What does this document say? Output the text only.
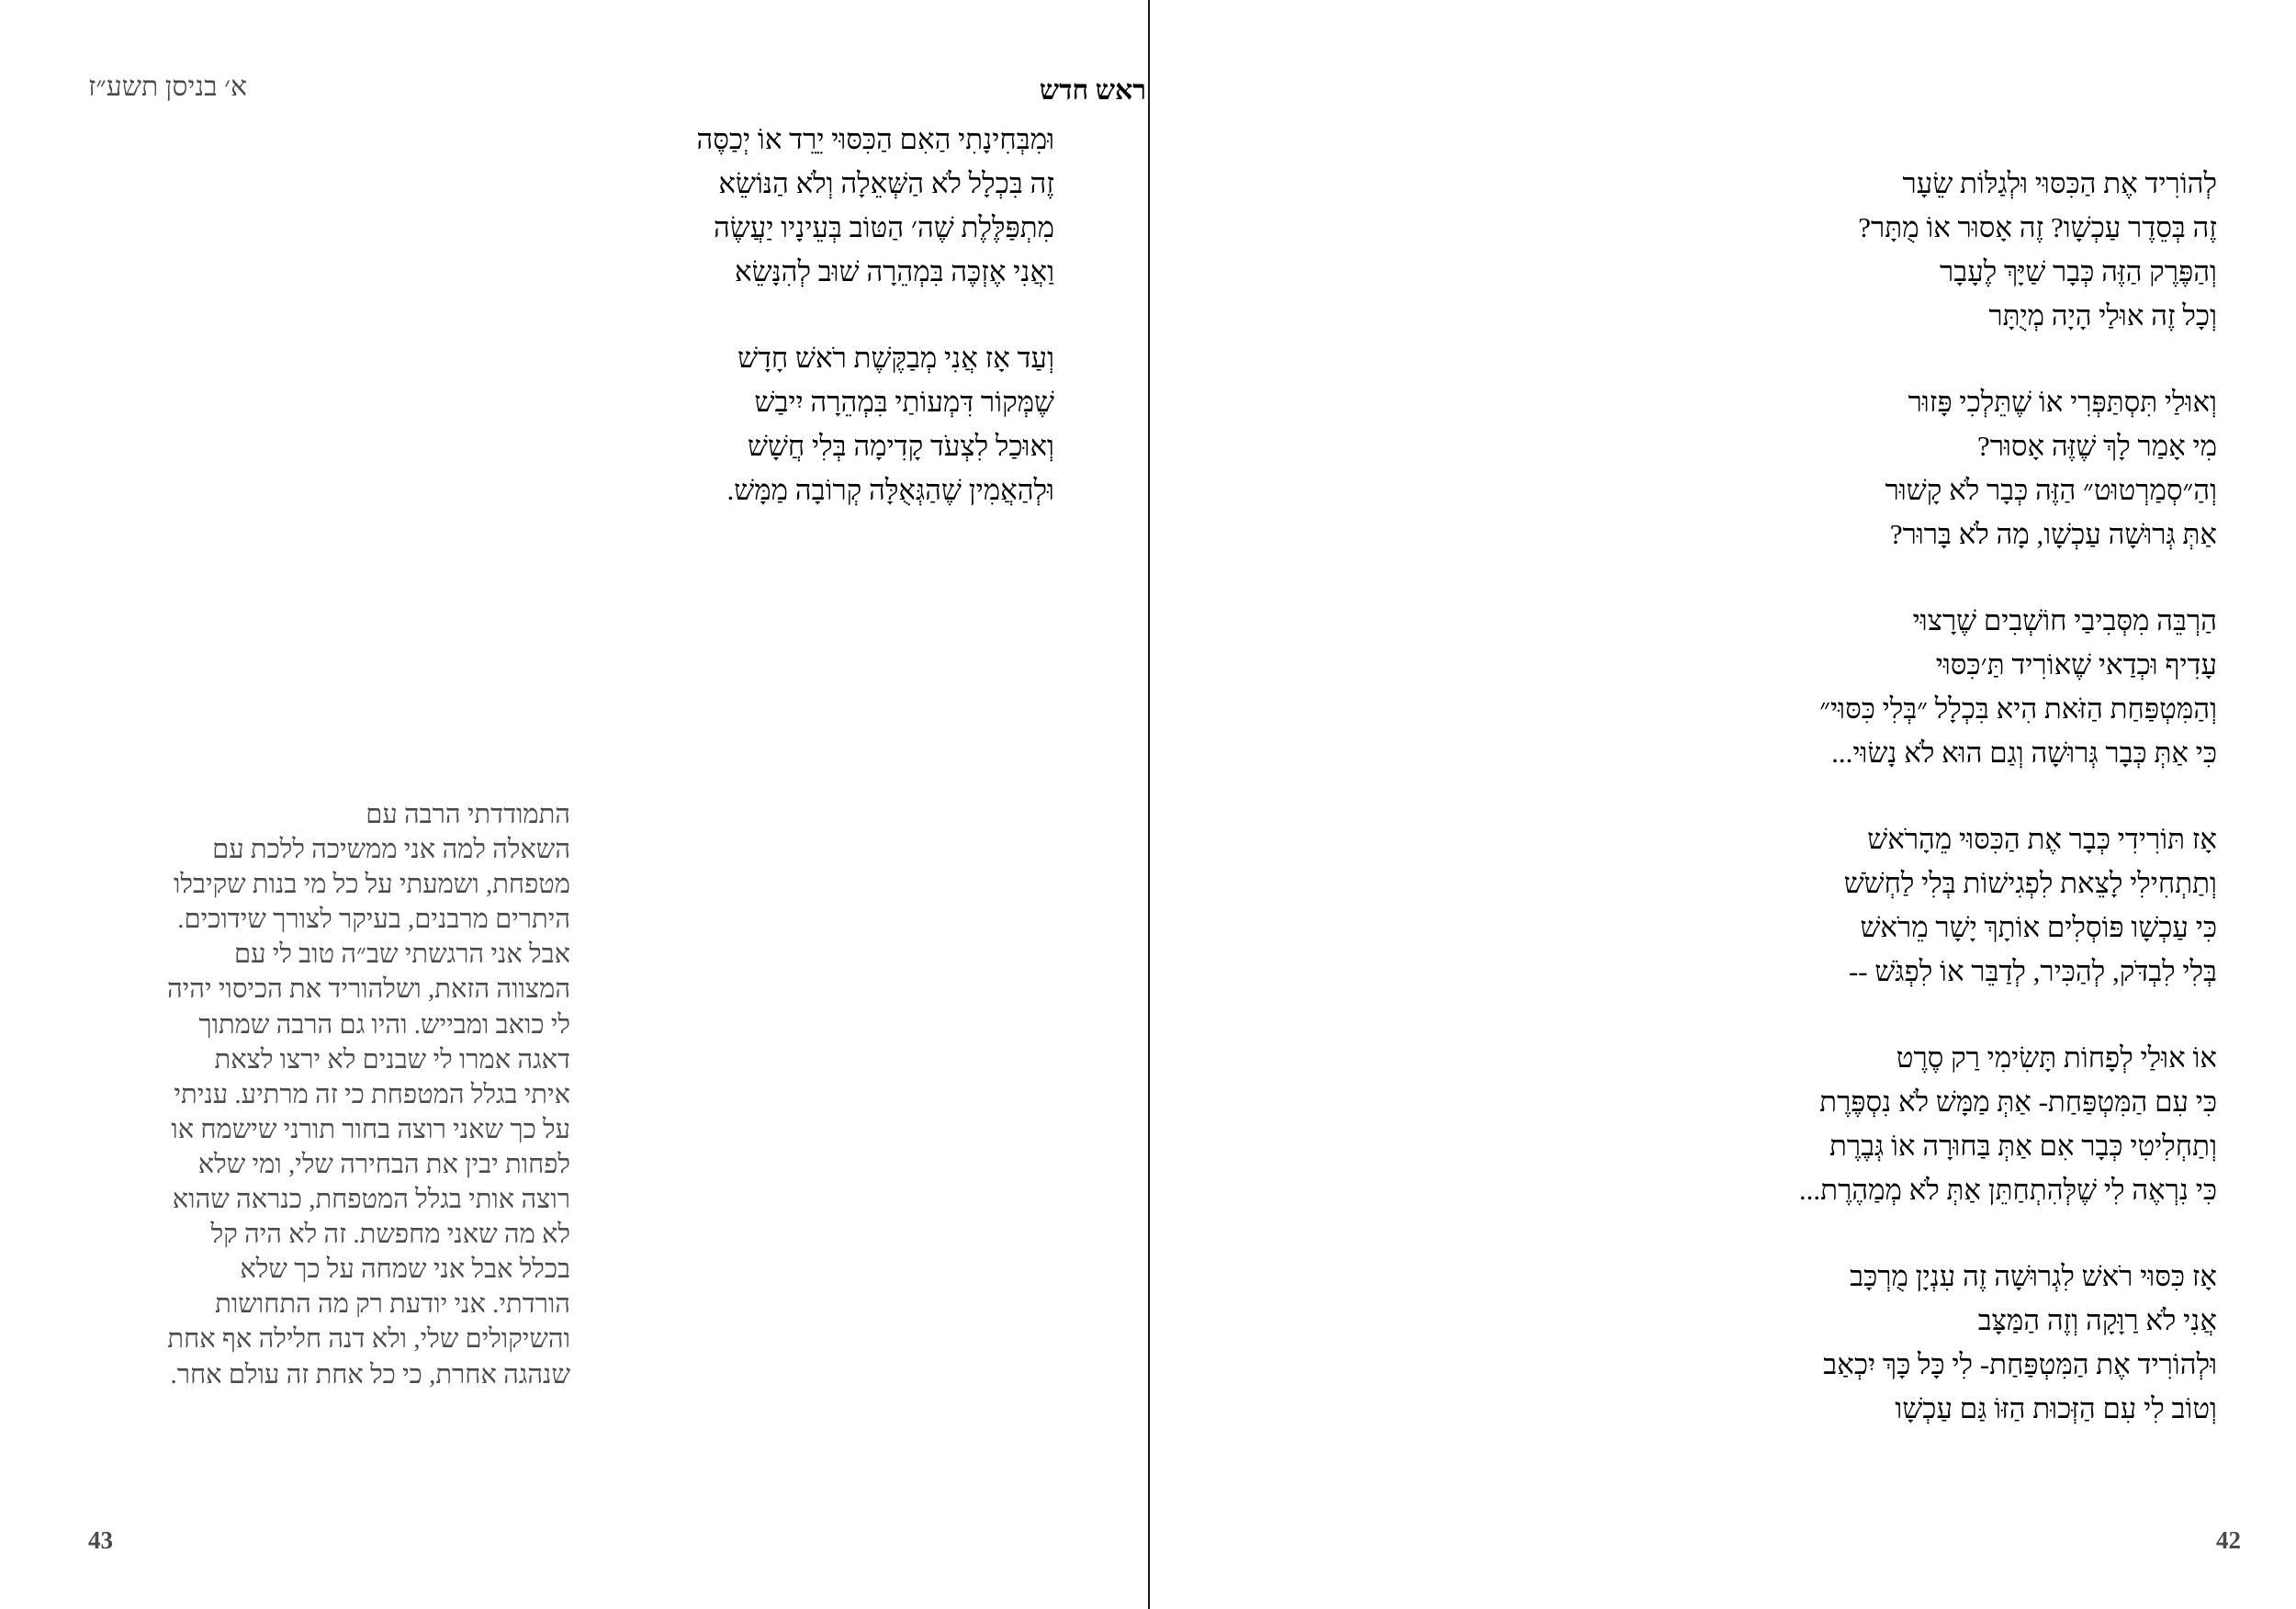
א׳ בניסן תשע״ז
וּמִבְּחִינָתִי הַאִם הַכִּסּוּי יֵרֵד אוֹ יְכַסֶּה
זֶה בִּכְלָל לֹא הַשְּׁאֵלָה וְלֹא הַנּוֹשֵׂא
מִתְפַּלֶּלֶת שֶׁה׳ הַטּוֹב בְּעֵינָיו יַעֲשֶׂה
וַאֲנִי אֶזְכֶּה בִּמְהֵרָה שׁוּב לְהִנָּשֵׂא
וְעַד אָז אֲנִי מְבַקֶּשֶׁת רֹאשׁ חָדָשׁ
שֶׁמְּקוֹר דִּמְעוֹתַי בִּמְהֵרָה יִיבַשׁ
וְאוּכַל לִצְעֹד קָדִימָה בְּלִי חֲשָׁשׁ
וּלְהַאֲמִין שֶׁהַגְּאֻלָּה קְרוֹבָה מַמָּשׁ.
התמודדתי הרבה עם
השאלה למה אני ממשיכה ללכת עם
מטפחת, ושמעתי על כל מי בנות שקיבלו
היתרים מרבנים, בעיקר לצורך שידוכים.
אבל אני הרגשתי שב״ה טוב לי עם
המצווה הזאת, ושלהוריד את הכיסוי יהיה
לי כואב ומבייש. והיו גם הרבה שמתוך
דאגה אמרו לי שבנים לא ירצו לצאת
איתי בגלל המטפחת כי זה מרתיע. עניתי
על כך שאני רוצה בחור תורני שישמח או
לפחות יבין את הבחירה שלי, ומי שלא
רוצה אותי בגלל המטפחת, כנראה שהוא
לא מה שאני מחפשת. זה לא היה קל
בכלל אבל אני שמחה על כך שלא
הורדתי. אני יודעת רק מה התחושות
והשיקולים שלי, ולא דנה חלילה אף אחת
שנהגה אחרת, כי כל אחת זה עולם אחר.
43
ראש חדש
לְהוֹרִיד אֶת הַכִּסּוּי וּלְגַלּוֹת שֵׂעָר
זֶה בְּסֵדֶר עַכְשָׁו? זֶה אָסוּר אוֹ מֻתָּר?
וְהַפֶּרֶק הַזֶּה כְּבָר שַׁיָּךְ לֶעָבָר
וְכָל זֶה אוּלַי הָיָה מְיֻתָּר
וְאוּלַי תִּסְתַּפְּרִי אוֹ שֶׁתֵּלְכִי פָּזוּר
מִי אָמַר לָךְ שֶׁזֶּה אָסוּר?
וְהַ״סְמַרְטוּט״ הַזֶּה כְּבָר לֹא קָשׁוּר
אַתְּ גְּרוּשָׁה עַכְשָׁו, מָה לֹא בָּרוּר?
הַרְבֵּה מִסְּבִיבַי חוֹשְׁבִים שֶׁרָצוּי
עָדִיף וּכְדַאי שֶׁאוֹרִיד תַּ׳כִּסּוּי
וְהַמִּטְפַּחַת הַזֹּאת הִיא בִּכְלָל ״בְּלִי כִּסּוּי״
כִּי אַתְּ כְּבָר גְּרוּשָׁה וְגַם הוּא לֹא נָשׂוּי...
אָז תּוֹרִידִי כְּבָר אֶת הַכִּסּוּי מֵהָרֹאשׁ
וְתַתְחִילִי לָצֵאת לִפְגִישׁוֹת בְּלִי לַחְשֹׁשׁ
כִּי עַכְשָׁו פּוֹסְלִים אוֹתָךְ יָשָׁר מֵרֹאשׁ
בְּלִי לִבְדֹּק, לְהַכִּיר, לְדַבֵּר אוֹ לִפְגֹּשׁ --
אוֹ אוּלַי לְפָחוֹת תָּשִׂימִי רַק סֶרֶט
כִּי עִם הַמִּטְפַּחַת- אַתְּ מַמָּשׁ לֹא נִסְפֶּרֶת
וְתַחְלִיטִי כְּבָר אִם אַתְּ בַּחוּרָה אוֹ גְּבֶרֶת
כִּי נִרְאֶה לִי שֶׁלְּהִתְחַתֵּן אַתְּ לֹא מְמַהֶרֶת...
אָז כִּסּוּי רֹאשׁ לִגְרוּשָׁה זֶה עִנְיָן מֻרְכָּב
אֲנִי לֹא רַוָּקָה וְזֶה הַמַּצָּב
וּלְהוֹרִיד אֶת הַמִּטְפַּחַת- לִי כָּל כָּךְ יִכְאַב
וְטוֹב לִי עִם הַזְּכוּת הַזּוֹ גַּם עַכְשָׁו
42
